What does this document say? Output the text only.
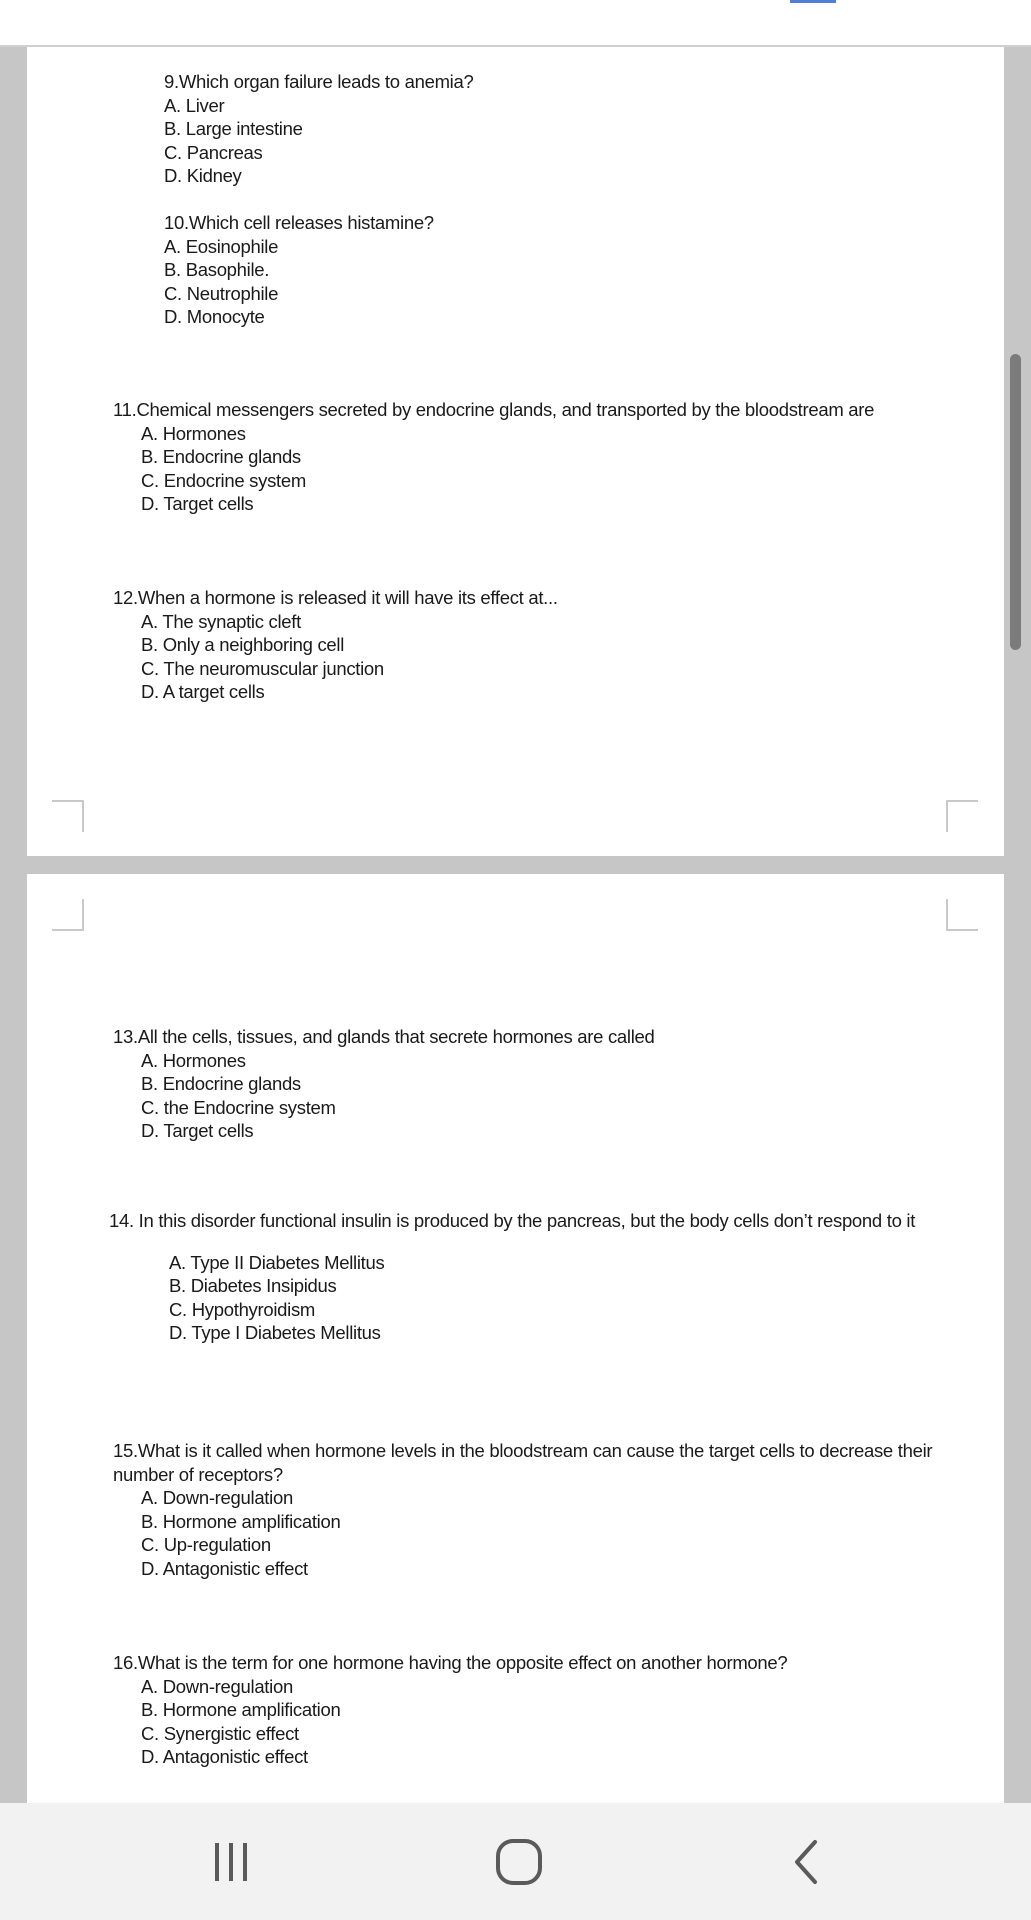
9.Which organ failure leads to anemia?
A. Liver
B. Large intestine
C. Pancreas
D. Kidney
10.Which cell releases histamine?
A. Eosinophile
B. Basophile.
C. Neutrophile
D. Monocyte
11.Chemical messengers secreted by endocrine glands, and transported by the bloodstream are
A. Hormones
B. Endocrine glands
C. Endocrine system
D. Target cells
12.When a hormone is released it will have its effect at...
A. The synaptic cleft
B. Only a neighboring cell
C. The neuromuscular junction
D. A target cells
13.All the cells, tissues, and glands that secrete hormones are called
A. Hormones
B. Endocrine glands
C. the Endocrine system
D. Target cells
14. In this disorder functional insulin is produced by the pancreas, but the body cells don’t respond to it
A. Type II Diabetes Mellitus
B. Diabetes Insipidus
C. Hypothyroidism
D. Type I Diabetes Mellitus
15.What is it called when hormone levels in the bloodstream can cause the target cells to decrease their number of receptors?
A. Down-regulation
B. Hormone amplification
C. Up-regulation
D. Antagonistic effect
16.What is the term for one hormone having the opposite effect on another hormone?
A. Down-regulation
B. Hormone amplification
C. Synergistic effect
D. Antagonistic effect
